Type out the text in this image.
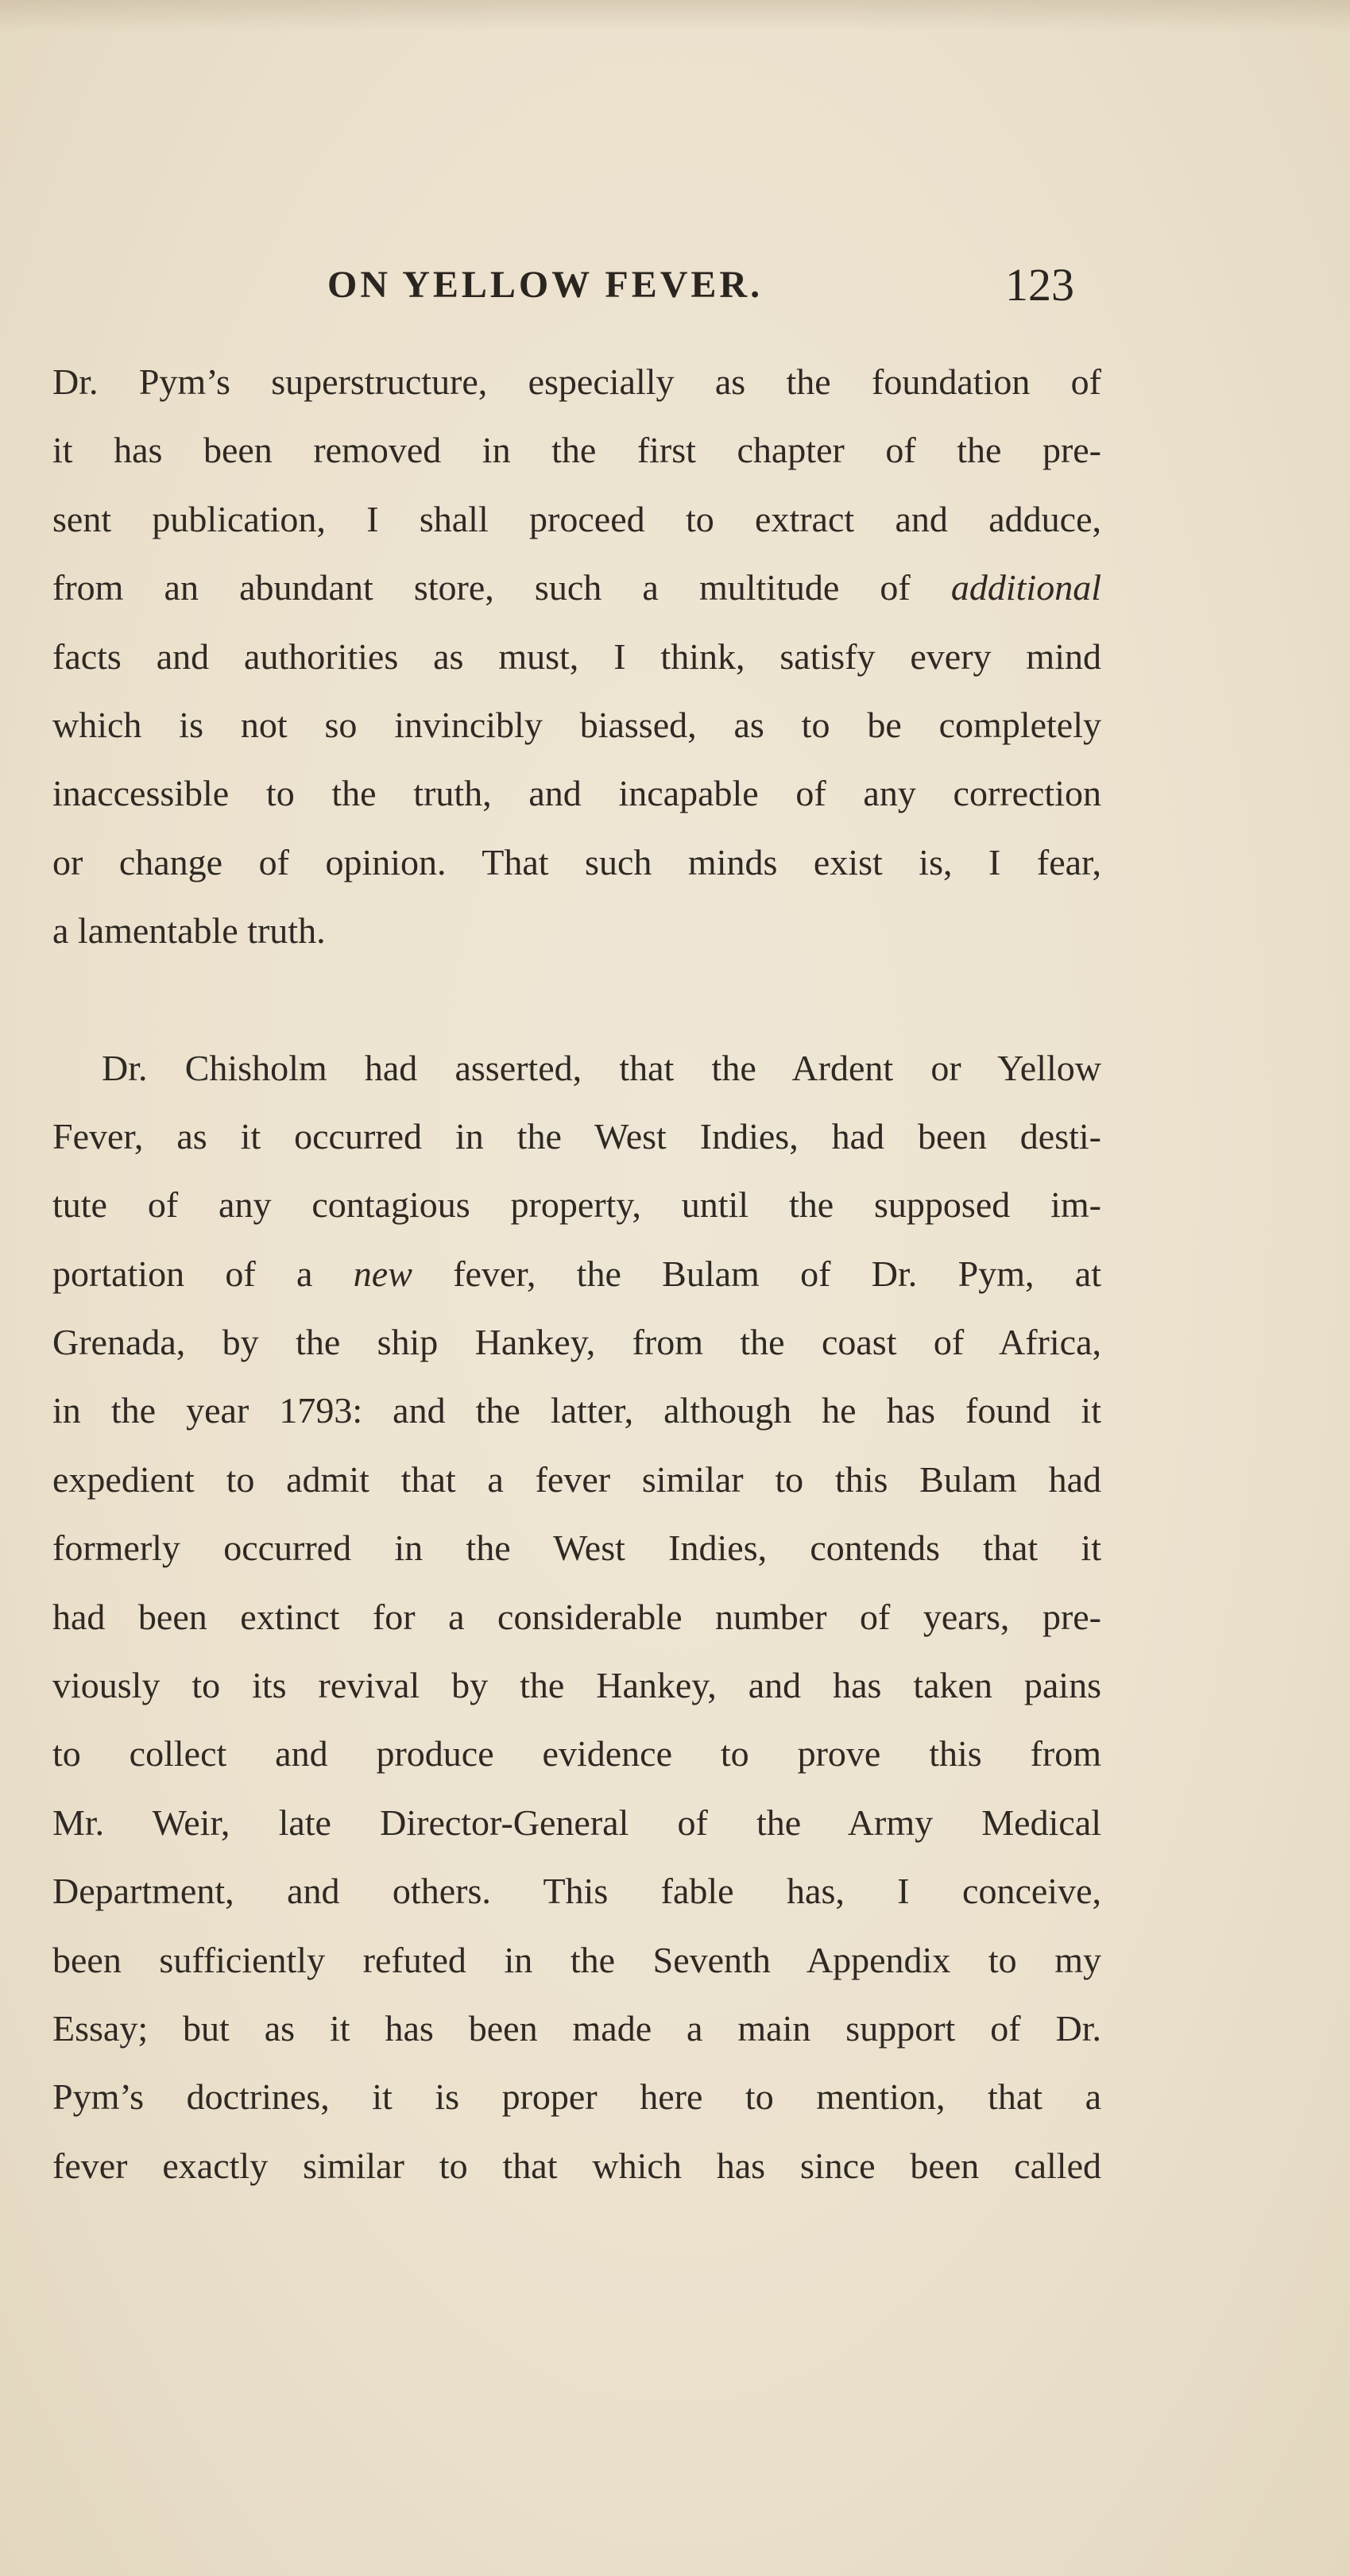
ON YELLOW FEVER.	123
Dr. Pym’s superstructure, especially as the foundation of
it has been removed in the first chapter of the pre-
sent publication, I shall proceed to extract and adduce,
from an abundant store, such a multitude of additional
facts and authorities as must, I think, satisfy every mind
which is not so invincibly biassed, as to be completely
inaccessible to the truth, and incapable of any correction
or change of opinion. That such minds exist is, I fear,
a lamentable truth.
Dr. Chisholm had asserted, that the Ardent or Yellow
Fever, as it occurred in the West Indies, had been desti-
tute of any contagious property, until the supposed im-
portation of a new fever, the Bulam of Dr. Pym, at
Grenada, by the ship Hankey, from the coast of Africa,
in the year 1793: and the latter, although he has found it
expedient to admit that a fever similar to this Bulam had
formerly occurred in the West Indies, contends that it
had been extinct for a considerable number of years, pre-
viously to its revival by the Hankey, and has taken pains
to collect and produce evidence to prove this from
Mr. Weir, late Director-General of the Army Medical
Department, and others. This fable has, I conceive,
been sufficiently refuted in the Seventh Appendix to my
Essay; but as it has been made a main support of Dr.
Pym’s doctrines, it is proper here to mention, that a
fever exactly similar to that which has since been called
